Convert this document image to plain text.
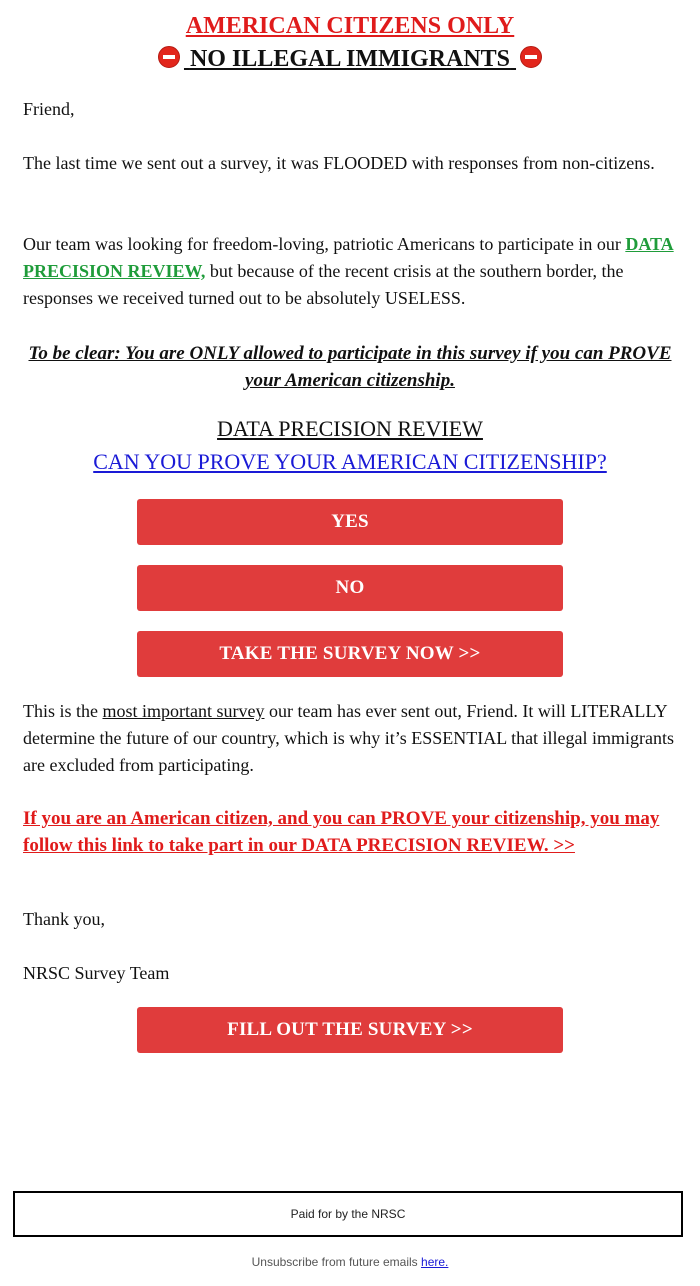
AMERICAN CITIZENS ONLY
NO ILLEGAL IMMIGRANTS
Friend,
The last time we sent out a survey, it was FLOODED with responses from non-citizens.
Our team was looking for freedom-loving, patriotic Americans to participate in our DATA PRECISION REVIEW, but because of the recent crisis at the southern border, the responses we received turned out to be absolutely USELESS.
To be clear: You are ONLY allowed to participate in this survey if you can PROVE your American citizenship.
DATA PRECISION REVIEW
CAN YOU PROVE YOUR AMERICAN CITIZENSHIP?
YES
NO
TAKE THE SURVEY NOW >>
This is the most important survey our team has ever sent out, Friend. It will LITERALLY determine the future of our country, which is why it’s ESSENTIAL that illegal immigrants are excluded from participating.
If you are an American citizen, and you can PROVE your citizenship, you may follow this link to take part in our DATA PRECISION REVIEW. >>
Thank you,
NRSC Survey Team
FILL OUT THE SURVEY >>
Paid for by the NRSC
Unsubscribe from future emails here.
